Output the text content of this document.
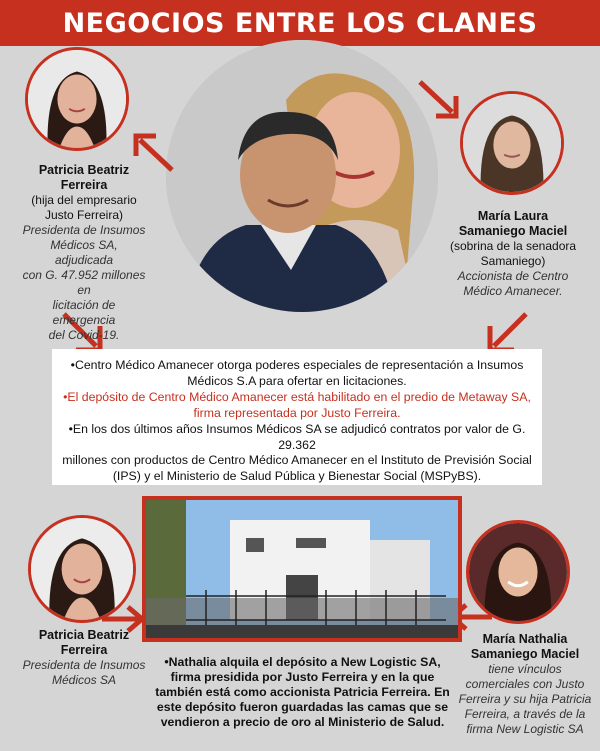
NEGOCIOS ENTRE LOS CLANES
Patricia Beatriz
Ferreira
(hija del empresario
Justo Ferreira)
Presidenta de Insumos
Médicos SA, adjudicada
con G. 47.952 millones en
licitación de emergencia
del Covid-19.
María Laura
Samaniego Maciel
(sobrina de la senadora
Samaniego)
Accionista de Centro
Médico Amanecer.

•Centro Médico Amanecer otorga poderes especiales de representación a Insumos
Médicos S.A para ofertar en licitaciones.

•El depósito de Centro Médico Amanecer está habilitado en el predio de Metaway SA,
firma representada por Justo Ferreira.

•En los dos últimos años Insumos Médicos SA se adjudicó contratos por valor de G. 29.362
millones con productos de Centro Médico Amanecer en el Instituto de Previsión Social
(IPS) y el Ministerio de Salud Pública y Bienestar Social (MSPyBS).

Patricia Beatriz
Ferreira
Presidenta de Insumos
Médicos SA
•Nathalia alquila el depósito a New Logistic SA,
firma presidida por Justo Ferreira y en la que
también está como accionista Patricia Ferreira. En
este depósito fueron guardadas las camas que se
vendieron a precio de oro al Ministerio de Salud.
María Nathalia
Samaniego Maciel
tiene vínculos
comerciales con Justo
Ferreira y su hija Patricia
Ferreira, a través de la
firma New Logistic SA
